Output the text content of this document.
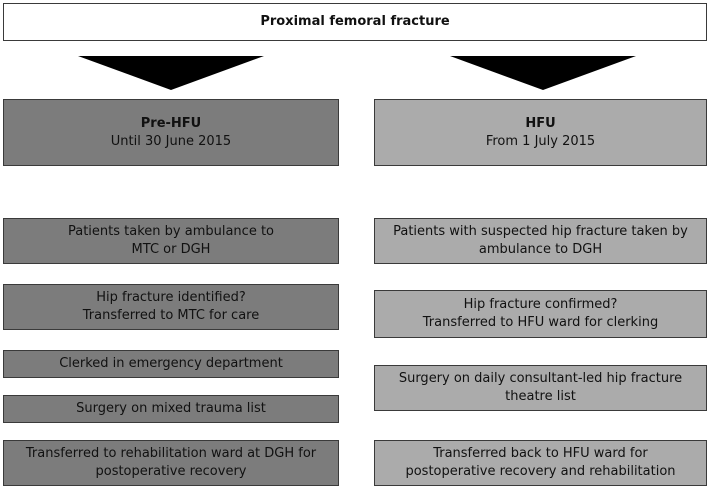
Proximal femoral fracture
Pre-HFU
Until 30 June 2015
HFU
From 1 July 2015
Patients taken by ambulance to
MTC or DGH
Hip fracture identified?
Transferred to MTC for care
Clerked in emergency department
Surgery on mixed trauma list
Transferred to rehabilitation ward at DGH for
postoperative recovery
Patients with suspected hip fracture taken by
ambulance to DGH
Hip fracture confirmed?
Transferred to HFU ward for clerking
Surgery on daily consultant-led hip fracture
theatre list
Transferred back to HFU ward for
postoperative recovery and rehabilitation
